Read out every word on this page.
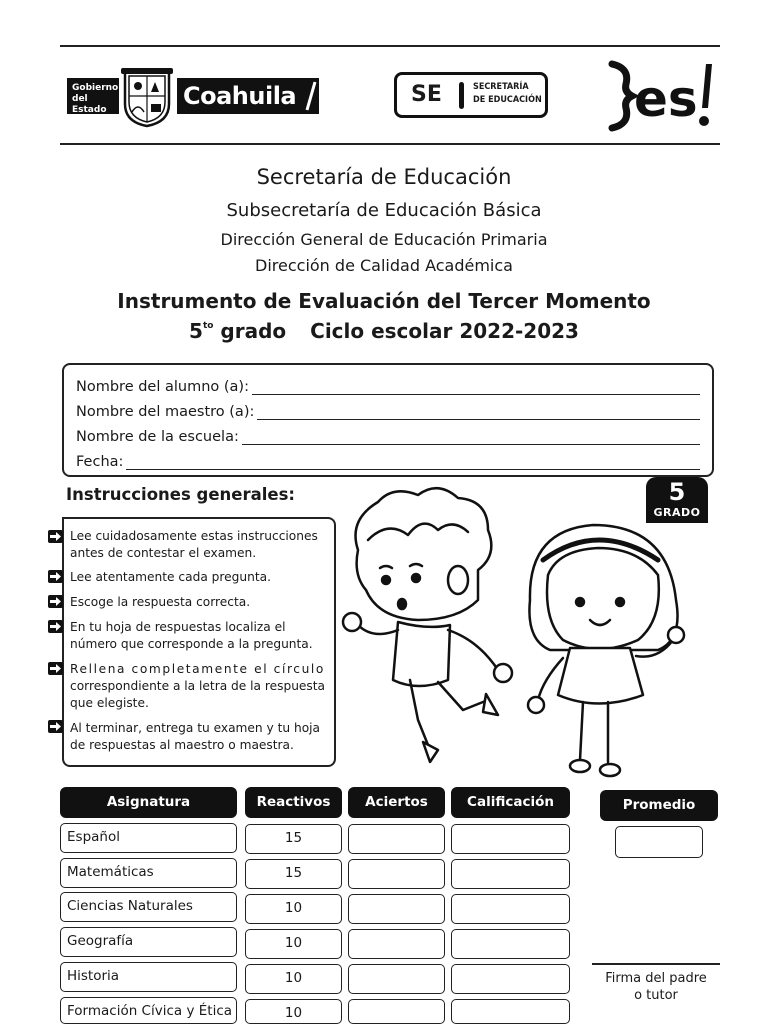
Gobierno
del Estado	Coahuila	SE	SECRETARÍA
DE EDUCACIÓN es
Secretaría de Educación
Subsecretaría de Educación Básica
Dirección General de Educación Primaria
Dirección de Calidad Académica
Instrumento de Evaluación del Tercer Momento
$5^{to}$ grado Ciclo escolar 2022-2023
Nombre del alumno (a):
Nombre del maestro (a):
Nombre de la escuela:
Fecha:
Instrucciones generales:	5
GRADO
Lee cuidadosamente estas instrucciones
antes de contestar el examen.
Lee atentamente cada pregunta.
Escoge la respuesta correcta.
En tu hoja de respuestas localiza el
número que corresponde a la pregunta.
Rellena completamente el círculo
correspondiente a la letra de la respuesta
que elegiste.
Al terminar, entrega tu examen y tu hoja
de respuestas al maestro o maestra.
Asignatura	Reactivos	Aciertos	Calificación
Español	15
Matemáticas	15
Ciencias Naturales	10
Geografía	10
Historia	10
Formación Cívica y Ética	10
Promedio
Firma del padre
o tutor
